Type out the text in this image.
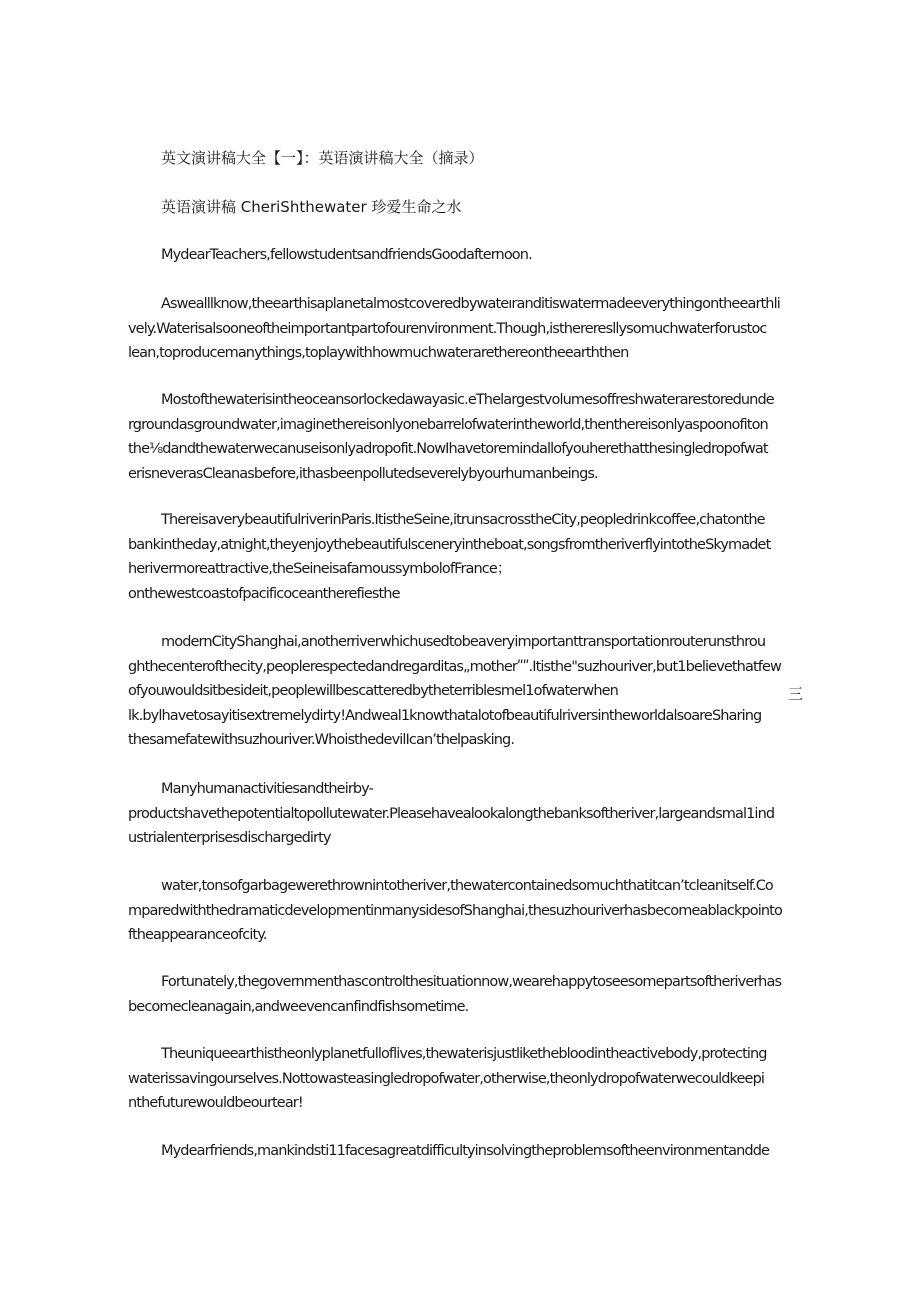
英文演讲稿大全【一】：英语演讲稿大全（摘录）

英语演讲稿 CheriShthewater 珍爱生命之水

MydearTeachers,fellowstudentsandfriendsGoodafternoon.

Aswealllknow,theearthisaplanetalmostcoveredbywateıranditiswatermadeeverythingontheearthli
vely.Waterisalsooneoftheimportantpartofourenvironment.Though,isthereresllysomuchwaterforustoc
lean,toproducemanythings,toplaywithhowmuchwaterarethereontheearththen

Mostofthewaterisintheoceansorlockedawayasic.eThelargestvolumesoffreshwaterarestoredunde
rgroundasgroundwater,imaginethereisonlyonebarrelofwaterintheworld,thenthereisonlyaspoonofiton
the⅛dandthewaterwecanuseisonlyadropofit.NowIhavetoremindallofyouherethatthesingledropofwat
erisneverasCleanasbefore,ithasbeenpollutedseverelybyourhumanbeings.

ThereisaverybeautifulriverinParis.ItistheSeine,itrunsacrosstheCity,peopledrinkcoffee,chatonthe
bankintheday,atnight,theyenjoythebeautifulsceneryintheboat,songsfromtheriverflyintotheSkymadet
herivermoreattractive,theSeineisafamoussymbolofFrance；
onthewestcoastofpacificoceantherefiesthe

modernCityShanghai,anotherriverwhichusedtobeaveryimportanttransportationrouterunsthrou
ghthecenterofthecity,peoplerespectedandregarditas„motherʺʺ.Itisthe"suzhouriver,but1believethatfew
ofyouwouldsitbesideit,peoplewillbescatteredbytheterriblesmel1ofwaterwhen
lk.bylhavetosayitisextremelydirty!Andweal1knowthatalotofbeautifulriversintheworldalsoareSharing
thesamefatewithsuzhouriver.WhoisthedevilIcan’thelpasking.

三

Manyhumanactivitiesandtheirby-
productshavethepotentialtopollutewater.Pleasehavealookalongthebanksoftheriver,largeandsmal1ind
ustrialenterprisesdischargedirty

water,tonsofgarbagewerethrownintotheriver,thewatercontainedsomuchthatitcan’tcleanitself.Co
mparedwiththedramaticdevelopmentinmanysidesofShanghai,thesuzhouriverhasbecomeablackpointo
ftheappearanceofcity.

Fortunately,thegovernmenthascontrolthesituationnow,wearehappytoseesomepartsoftheriverhas
becomecleanagain,andweevencanfindfishsometime.

Theuniqueearthistheonlyplanetfulloflives,thewaterisjustlikethebloodintheactivebody,protecting
waterissavingourselves.Nottowasteasingledropofwater,otherwise,theonlydropofwaterwecouldkeepi
nthefuturewouldbeourtear!

Mydearfriends,mankindsti11facesagreatdifficultyinsolvingtheproblemsoftheenvironmentandde
